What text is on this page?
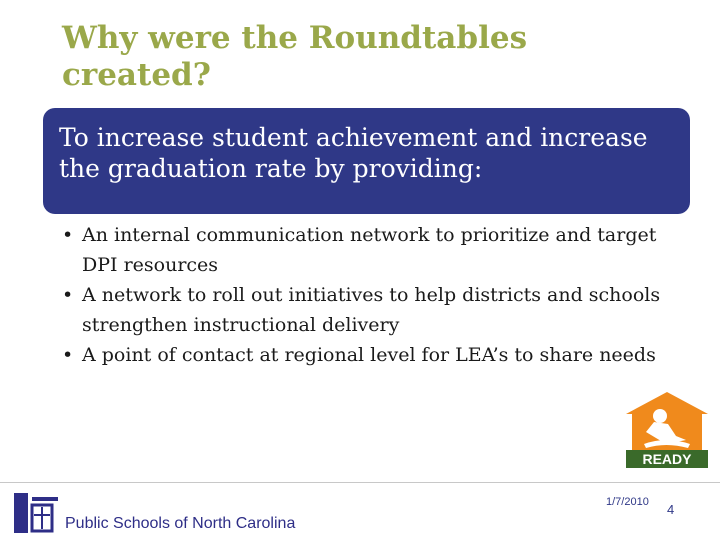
Why were the Roundtables created?
To increase student achievement and increase the graduation rate by providing:
• An internal communication network to prioritize and target DPI resources
• A network to roll out initiatives to help districts and schools strengthen instructional delivery
• A point of contact at regional level for LEA’s to share needs
READY
Public Schools of North Carolina
1/7/2010 4
